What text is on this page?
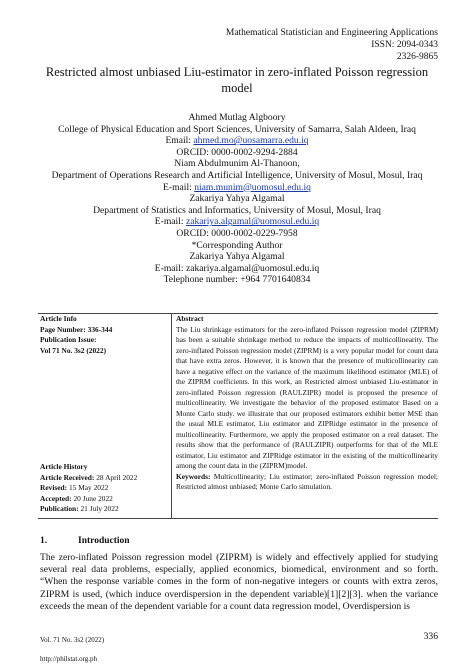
Mathematical Statistician and Engineering Applications
ISSN: 2094-0343
2326-9865
Restricted almost unbiased Liu-estimator in zero-inflated Poisson regression model
Ahmed Mutlag Algboory
College of Physical Education and Sport Sciences, University of Samarra, Salah Aldeen, Iraq
Email: ahmed.mo@uosamarra.edu.iq
ORCID: 0000-0002-9294-2884
Niam Abdulmunim Al-Thanoon,
Department of Operations Research and Artificial Intelligence, University of Mosul, Mosul, Iraq
E-mail: niam.munim@uomosul.edu.iq
Zakariya Yahya Algamal
Department of Statistics and Informatics, University of Mosul, Mosul, Iraq
E-mail: zakariya.algamal@uomosul.edu.iq
ORCID: 0000-0002-0229-7958
*Corresponding Author
Zakariya Yahya Algamal
E-mail: zakariya.algamal@uomosul.edu.iq
Telephone number: +964 7701640834
Article Info
Page Number: 336-344
Publication Issue:
Vol 71 No. 3s2 (2022)
Article History
Article Received: 28 April 2022
Revised: 15 May 2022
Accepted: 20 June 2022
Publication: 21 July 2022
Abstract
The Liu shrinkage estimators for the zero-inflated Poisson regression model (ZIPRM) has been a suitable shrinkage method to reduce the impacts of multicollinearity. The zero-inflated Poisson regression model (ZIPRM) is a very popular model for count data that have extra zeros. However, it is known that the presence of multicollinearity can have a negative effect on the variance of the maximum likelihood estimator (MLE) of the ZIPRM coefficients. In this work, an Restricted almost unbiased Liu-estimator in zero-inflated Poisson regression (RAULZIPR) model is proposed the presence of multicollinearity. We investigate the behavior of the proposed estimator Based on a Monte Carlo study. we illustrate that our proposed estimators exhibit better MSE than the usual MLE estimator, Liu estimator and ZIPRidge estimator in the presence of multicollinearity. Furthermore, we apply the proposed estimator on a real dataset. The results show that the performance of (RAULZIPR) outperforms for that of the MLE estimator, Liu estimator and ZIPRidge estimator in the existing of the multicollinearity among the count data in the (ZIPRM)model.
Keywords: Multicollinearity; Liu estimator; zero-inflated Poisson regression model; Restricted almost unbiased; Monte Carlo simulation.
1.	Introduction
The zero-inflated Poisson regression model (ZIPRM) is widely and effectively applied for studying several real data problems, especially, applied economics, biomedical, environment and so forth. “When the response variable comes in the form of non-negative integers or counts with extra zeros, ZIPRM is used, (which induce overdispersion in the dependent variable)[1][2][3]. when the variance exceeds the mean of the dependent variable for a count data regression model, Overdispersion is
Vol. 71 No. 3s2 (2022)	336
http://philstat.org.ph
